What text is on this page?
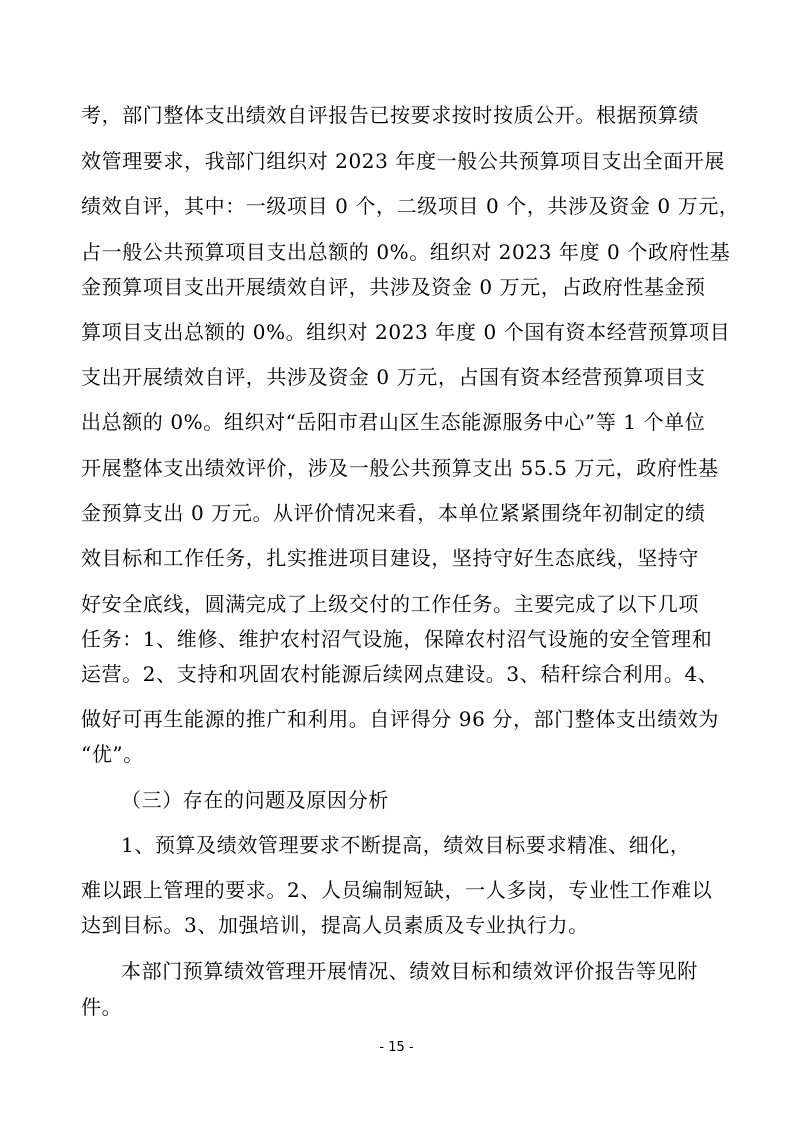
考，部门整体支出绩效自评报告已按要求按时按质公开。根据预算绩
效管理要求，我部门组织对 2023 年度一般公共预算项目支出全面开展
绩效自评，其中：一级项目 0 个，二级项目 0 个，共涉及资金 0 万元，
占一般公共预算项目支出总额的 0%。组织对 2023 年度 0 个政府性基
金预算项目支出开展绩效自评，共涉及资金 0 万元，占政府性基金预
算项目支出总额的 0%。组织对 2023 年度 0 个国有资本经营预算项目
支出开展绩效自评，共涉及资金 0 万元，占国有资本经营预算项目支
出总额的 0%。组织对“岳阳市君山区生态能源服务中心”等 1 个单位
开展整体支出绩效评价，涉及一般公共预算支出 55.5 万元，政府性基
金预算支出 0 万元。从评价情况来看，本单位紧紧围绕年初制定的绩
效目标和工作任务，扎实推进项目建设，坚持守好生态底线，坚持守
好安全底线，圆满完成了上级交付的工作任务。主要完成了以下几项
任务：1、维修、维护农村沼气设施，保障农村沼气设施的安全管理和
运营。2、支持和巩固农村能源后续网点建设。3、秸秆综合利用。4、
做好可再生能源的推广和利用。自评得分 96 分，部门整体支出绩效为
“优”。
（三）存在的问题及原因分析
1、预算及绩效管理要求不断提高，绩效目标要求精准、细化，
难以跟上管理的要求。2、人员编制短缺，一人多岗，专业性工作难以
达到目标。3、加强培训，提高人员素质及专业执行力。
本部门预算绩效管理开展情况、绩效目标和绩效评价报告等见附
件。
- 15 -
